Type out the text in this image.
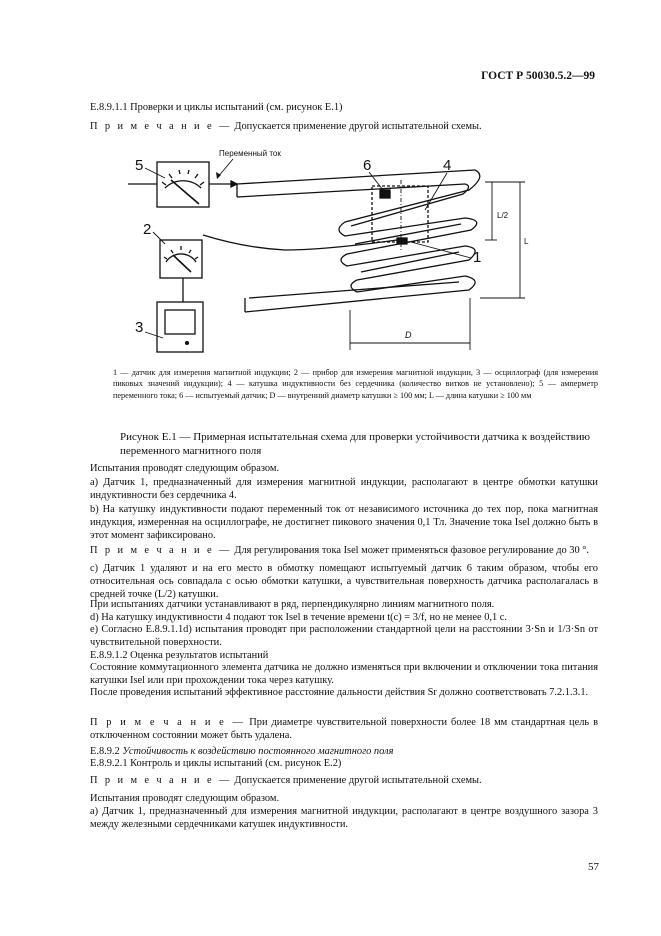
ГОСТ Р 50030.5.2—99
Е.8.9.1.1 Проверки и циклы испытаний (см. рисунок Е.1)
П р и м е ч а н и е — Допускается применение другой испытательной схемы.
5
Переменный ток
6	4
1
2
3
L/2
L
D
1 — датчик для измерения магнитной индукции; 2 — прибор для измерения магнитной индукции, 3 — осциллограф (для измерения пиковых значений индукции); 4 — катушка индуктивности без сердечника (количество витков не установлено); 5 — амперметр переменного тока; 6 — испытуемый датчик; D — внутренний диаметр катушки ≥ 100 мм; L — длина катушки ≥ 100 мм
Рисунок Е.1 — Примерная испытательная схема для проверки устойчивости датчика к воздействию переменного магнитного поля
Испытания проводят следующим образом.
а) Датчик 1, предназначенный для измерения магнитной индукции, располагают в центре обмотки катушки индуктивности без сердечника 4.
b) На катушку индуктивности подают переменный ток от независимого источника до тех пор, пока магнитная индукция, измеренная на осциллографе, не достигнет пикового значения 0,1 Тл. Значение тока Isel должно быть в этот момент зафиксировано.
П р и м е ч а н и е — Для регулирования тока Isel может применяться фазовое регулирование до 30 °.
с) Датчик 1 удаляют и на его место в обмотку помещают испытуемый датчик 6 таким образом, чтобы его относительная ось совпадала с осью обмотки катушки, а чувствительная поверхность датчика располагалась в средней точке (L/2) катушки.
При испытаниях датчики устанавливают в ряд, перпендикулярно линиям магнитного поля.
d) На катушку индуктивности 4 подают ток Isel в течение времени t(с) = 3/f, но не менее 0,1 с.
е) Согласно Е.8.9.1.1d) испытания проводят при расположении стандартной цели на расстоянии 3·Sn и 1/3·Sn от чувствительной поверхности.
Е.8.9.1.2 Оценка результатов испытаний
Состояние коммутационного элемента датчика не должно изменяться при включении и отключении тока питания катушки Isel или при прохождении тока через катушку.
После проведения испытаний эффективное расстояние дальности действия Sr должно соответствовать 7.2.1.3.1.
П р и м е ч а н и е — При диаметре чувствительной поверхности более 18 мм стандартная цель в отключенном состоянии может быть удалена.
Е.8.9.2 Устойчивость к воздействию постоянного магнитного поля
Е.8.9.2.1 Контроль и циклы испытаний (см. рисунок Е.2)
П р и м е ч а н и е — Допускается применение другой испытательной схемы.
Испытания проводят следующим образом.
а) Датчик 1, предназначенный для измерения магнитной индукции, располагают в центре воздушного зазора 3 между железными сердечниками катушек индуктивности.
57
